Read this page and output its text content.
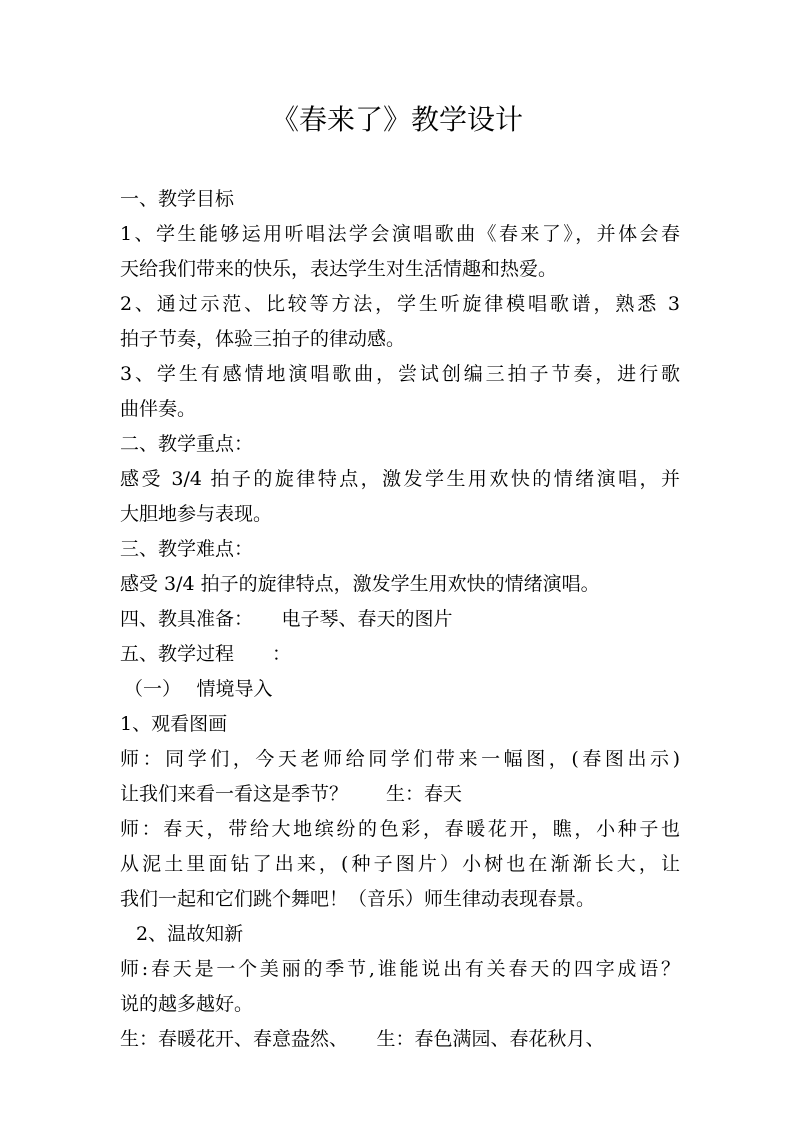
《春来了》教学设计
一、教学目标
1、学生能够运用听唱法学会演唱歌曲《春来了》，并体会春
天给我们带来的快乐，表达学生对生活情趣和热爱。
2、通过示范、比较等方法，学生听旋律模唱歌谱，熟悉 3
拍子节奏，体验三拍子的律动感。
3、学生有感情地演唱歌曲，尝试创编三拍子节奏，进行歌
曲伴奏。
二、教学重点：
感受 3/4 拍子的旋律特点，激发学生用欢快的情绪演唱，并
大胆地参与表现。
三、教学难点：
感受 3/4 拍子的旋律特点，激发学生用欢快的情绪演唱。
四、教具准备：　　电子琴、春天的图片
五、教学过程　　：
（一）　 情境导入
1、观看图画
师：同学们，今天老师给同学们带来一幅图，(春图出示)
让我们来看一看这是季节？　　生：春天
师：春天，带给大地缤纷的色彩，春暖花开，瞧，小种子也
从泥土里面钻了出来，(种子图片）小树也在渐渐长大，让
我们一起和它们跳个舞吧！（音乐）师生律动表现春景。
2、温故知新
师:春天是一个美丽的季节,谁能说出有关春天的四字成语？
说的越多越好。
生：春暖花开、春意盎然、　　生：春色满园、春花秋月、
